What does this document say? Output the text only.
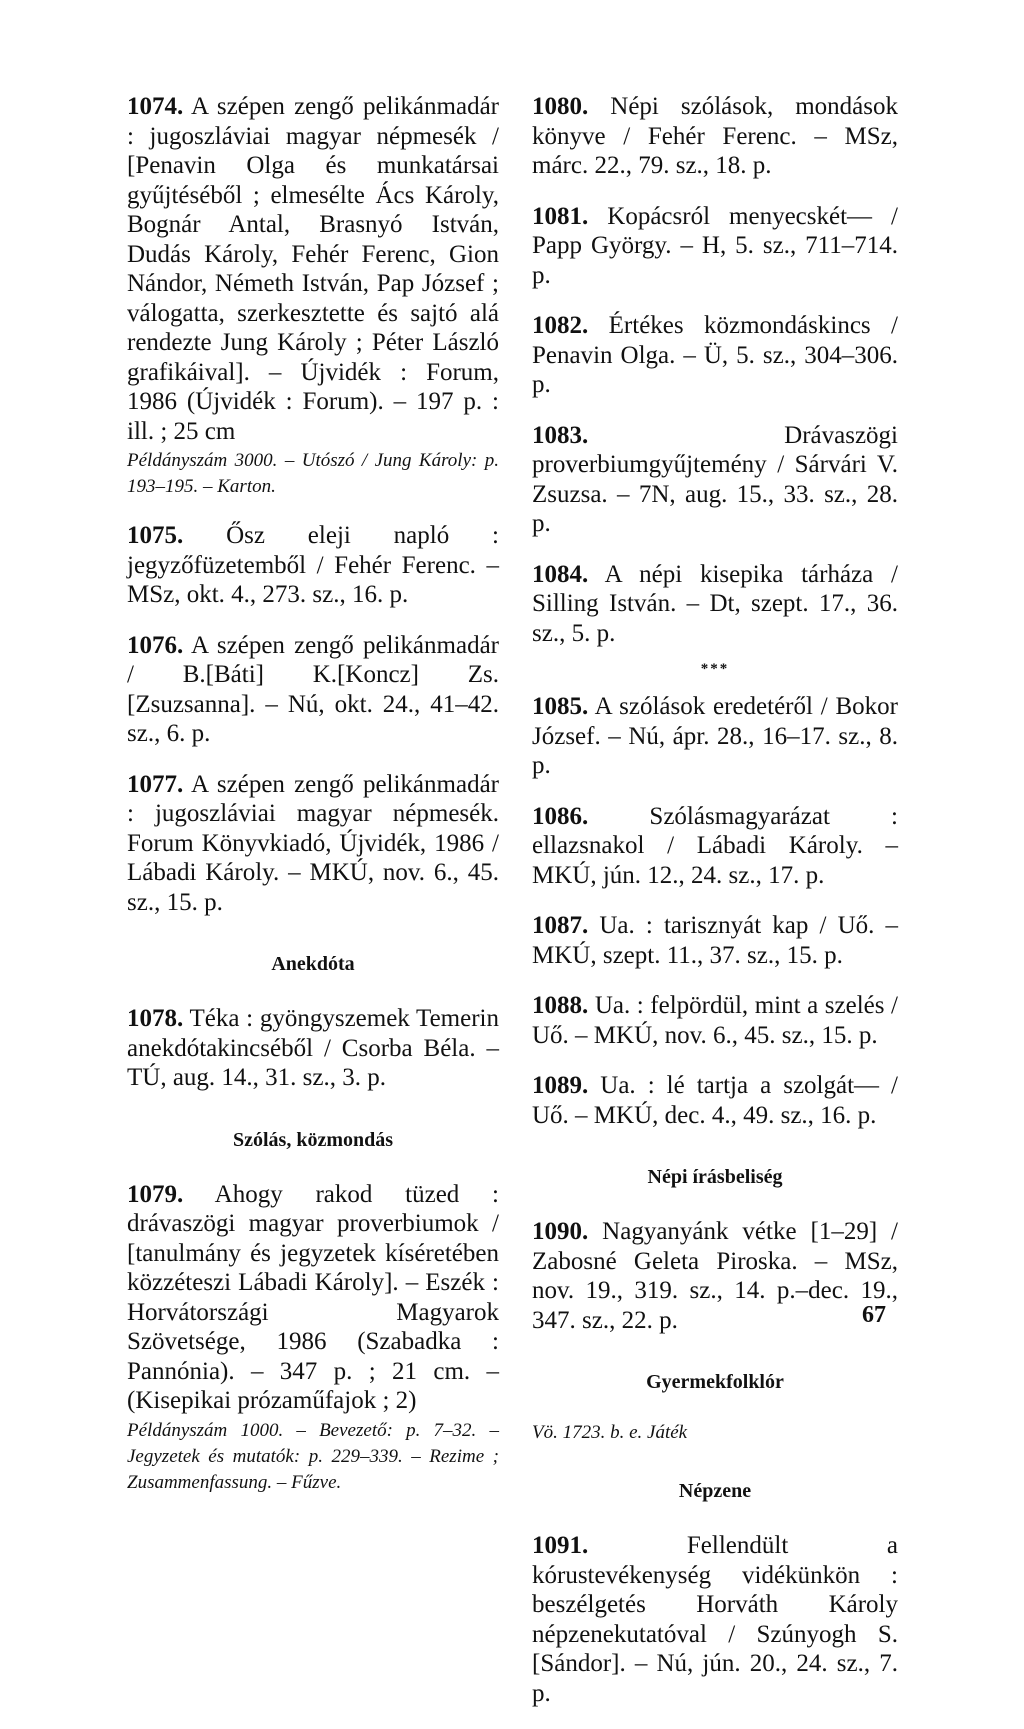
1074. A szépen zengő pelikánmadár : jugoszláviai magyar népmesék / [Penavin Olga és munkatársai gyűjtéséből ; elmesélte Ács Károly, Bognár Antal, Brasnyó István, Dudás Károly, Fehér Ferenc, Gion Nándor, Németh István, Pap József ; válogatta, szerkesztette és sajtó alá rendezte Jung Károly ; Péter László grafikáival]. – Újvidék : Forum, 1986 (Újvidék : Forum). – 197 p. : ill. ; 25 cm
Példányszám 3000. – Utószó / Jung Károly: p. 193–195. – Karton.
1075. Ősz eleji napló : jegyzőfüzetemből / Fehér Ferenc. – MSz, okt. 4., 273. sz., 16. p.
1076. A szépen zengő pelikánmadár / B.[Báti] K.[Koncz] Zs.[Zsuzsanna]. – Nú, okt. 24., 41–42. sz., 6. p.
1077. A szépen zengő pelikánmadár : jugoszláviai magyar népmesék. Forum Könyvkiadó, Újvidék, 1986 / Lábadi Károly. – MKÚ, nov. 6., 45. sz., 15. p.
Anekdóta
1078. Téka : gyöngyszemek Temerin anekdótakincséből / Csorba Béla. – TÚ, aug. 14., 31. sz., 3. p.
Szólás, közmondás
1079. Ahogy rakod tüzed : drávaszögi magyar proverbiumok / [tanulmány és jegyzetek kíséretében közzéteszi Lábadi Károly]. – Eszék : Horvátországi Magyarok Szövetsége, 1986 (Szabadka : Pannónia). – 347 p. ; 21 cm. – (Kisepikai prózaműfajok ; 2)
Példányszám 1000. – Bevezető: p. 7–32. – Jegyzetek és mutatók: p. 229–339. – Rezime ; Zusammenfassung. – Fűzve.
1080. Népi szólások, mondások könyve / Fehér Ferenc. – MSz, márc. 22., 79. sz., 18. p.
1081. Kopácsról menyecskét— / Papp György. – H, 5. sz., 711–714. p.
1082. Értékes közmondáskincs / Penavin Olga. – Ü, 5. sz., 304–306. p.
1083.	Drávaszögi proverbiumgyűjtemény / Sárvári V. Zsuzsa. – 7N, aug. 15., 33. sz., 28. p.
1084. A népi kisepika tárháza / Silling István. – Dt, szept. 17., 36. sz., 5. p.
***
1085. A szólások eredetéről / Bokor József. – Nú, ápr. 28., 16–17. sz., 8. p.
1086. Szólásmagyarázat : ellazsnakol / Lábadi Károly. – MKÚ, jún. 12., 24. sz., 17. p.
1087. Ua. : tarisznyát kap / Uő. – MKÚ, szept. 11., 37. sz., 15. p.
1088. Ua. : felpördül, mint a szelés / Uő. – MKÚ, nov. 6., 45. sz., 15. p.
1089. Ua. : lé tartja a szolgát— / Uő. – MKÚ, dec. 4., 49. sz., 16. p.
Népi írásbeliség
1090. Nagyanyánk vétke [1–29] / Zabosné Geleta Piroska. – MSz, nov. 19., 319. sz., 14. p.–dec. 19., 347. sz., 22. p.
Gyermekfolklór
Vö. 1723. b. e. Játék
Népzene
1091.	Fellendült a kórustevékenység vidékünkön : beszélgetés Horváth Károly népzenekutatóval / Szúnyogh S.[Sándor]. – Nú, jún. 20., 24. sz., 7. p.
67
